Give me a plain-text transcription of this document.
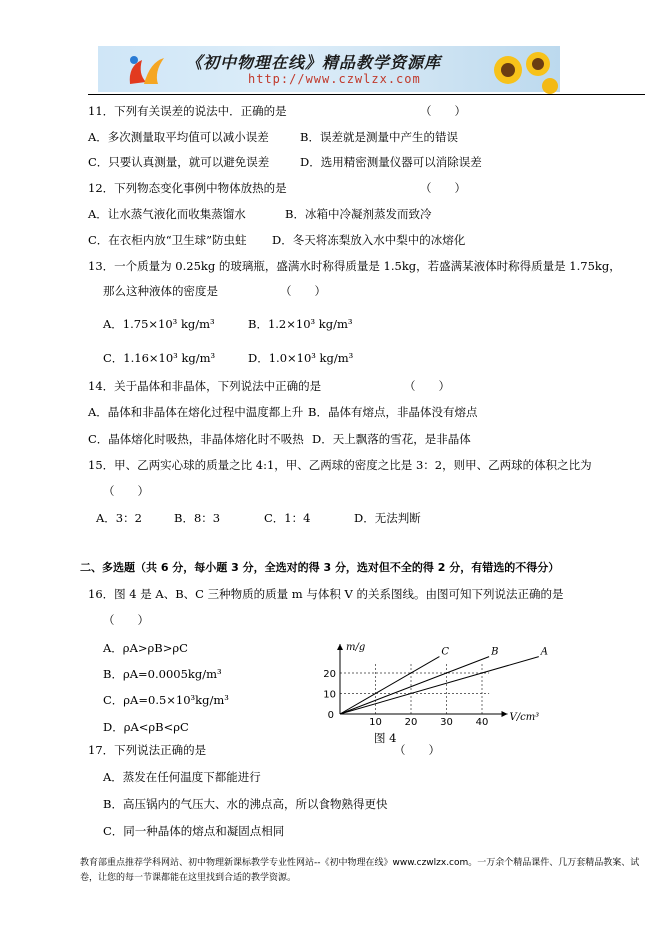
《初中物理在线》精品教学资源库
http://www.czwlzx.com
11．下列有关误差的说法中．正确的是	（　　）
A．多次测量取平均值可以减小误差	B．误差就是测量中产生的错误
C．只要认真测量，就可以避免误差	D．选用精密测量仪器可以消除误差
12．下列物态变化事例中物体放热的是	（　　）
A．让水蒸气液化而收集蒸馏水	B．冰箱中冷凝剂蒸发而致冷
C．在衣柜内放“卫生球”防虫蛀 D．冬天将冻梨放入水中梨中的冰熔化
13．一个质量为 0.25kg 的玻璃瓶，盛满水时称得质量是 1.5kg，若盛满某液体时称得质量是 1.75kg，
那么这种液体的密度是	（　　）
A．1.75×10³ kg/m³	B．1.2×10³ kg/m³
C．1.16×10³ kg/m³	D．1.0×10³ kg/m³
14．关于晶体和非晶体，下列说法中正确的是	（　　）
A．晶体和非晶体在熔化过程中温度都上升 B．晶体有熔点，非晶体没有熔点
C．晶体熔化时吸热，非晶体熔化时不吸热 D．天上飘落的雪花，是非晶体
15．甲、乙两实心球的质量之比 4:1，甲、乙两球的密度之比是 3：2，则甲、乙两球的体积之比为
（　　）
A．3：2	B．8：3	C．1：4	D．无法判断
二、多选题（共 6 分，每小题 3 分，全选对的得 3 分，选对但不全的得 2 分，有错选的不得分）
16．图 4 是 A、B、C 三种物质的质量 m 与体积 V 的关系图线。由图可知下列说法正确的是
（　　）
A．ρA>ρB>ρC
B．ρA=0.0005kg/m³
C．ρA=0.5×10³kg/m³
D．ρA<ρB<ρC
10
20
10 20 30 40
0
m/g
V/cm³
C	B	A
图 4
17．下列说法正确的是	（　　）
A．蒸发在任何温度下都能进行
B．高压锅内的气压大、水的沸点高，所以食物熟得更快
C．同一种晶体的熔点和凝固点相同
教育部重点推荐学科网站、初中物理新课标教学专业性网站--《初中物理在线》www.czwlzx.com。一万余个精品课件、几万套精品教案、试卷，让您的每一节课都能在这里找到合适的教学资源。
